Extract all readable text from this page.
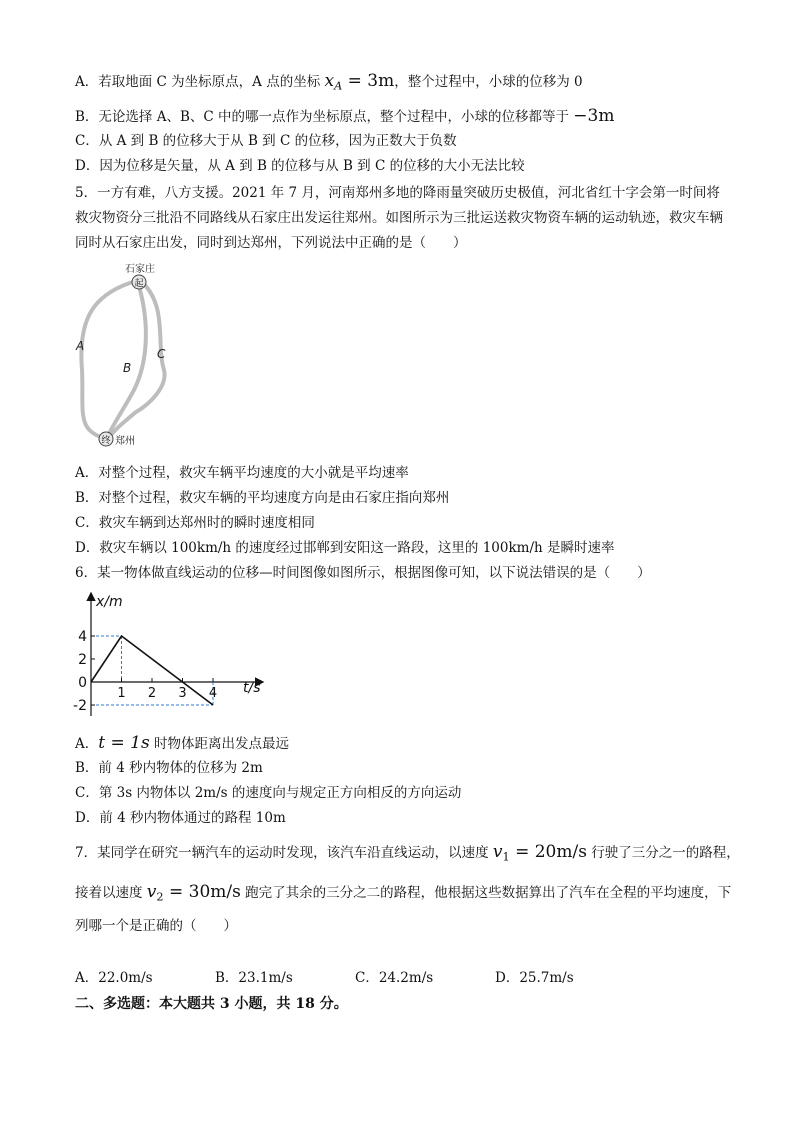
A．若取地面 C 为坐标原点，A 点的坐标 $x_A = 3m$，整个过程中，小球的位移为 0
B．无论选择 A、B、C 中的哪一点作为坐标原点，整个过程中，小球的位移都等于 −3m
C．从 A 到 B 的位移大于从 B 到 C 的位移，因为正数大于负数
D．因为位移是矢量，从 A 到 B 的位移与从 B 到 C 的位移的大小无法比较
5．一方有难，八方支援。2021 年 7 月，河南郑州多地的降雨量突破历史极值，河北省红十字会第一时间将救灾物资分三批沿不同路线从石家庄出发运往郑州。如图所示为三批运送救灾物资车辆的运动轨迹，救灾车辆同时从石家庄出发，同时到达郑州，下列说法中正确的是（　　）
石家庄
A
B
C
起
终 郑州
A．对整个过程，救灾车辆平均速度的大小就是平均速率
B．对整个过程，救灾车辆的平均速度方向是由石家庄指向郑州
C．救灾车辆到达郑州时的瞬时速度相同
D．救灾车辆以 100km/h 的速度经过邯郸到安阳这一路段，这里的 100km/h 是瞬时速率
6．某一物体做直线运动的位移—时间图像如图所示，根据图像可知，以下说法错误的是（　　）
1 2 3 4
4
2
0
-2
x/m
t/s
A．t = 1s 时物体距离出发点最远
B．前 4 秒内物体的位移为 2m
C．第 3s 内物体以 2m/s 的速度向与规定正方向相反的方向运动
D．前 4 秒内物体通过的路程 10m
7．某同学在研究一辆汽车的运动时发现，该汽车沿直线运动，以速度 $v_1 = 20m/s$ 行驶了三分之一的路程，
接着以速度 $v_2 = 30m/s$ 跑完了其余的三分之二的路程，他根据这些数据算出了汽车在全程的平均速度，下
列哪一个是正确的（　　）
A．22.0m/s	B．23.1m/s	C．24.2m/s	D．25.7m/s
二、多选题：本大题共 3 小题，共 18 分。
